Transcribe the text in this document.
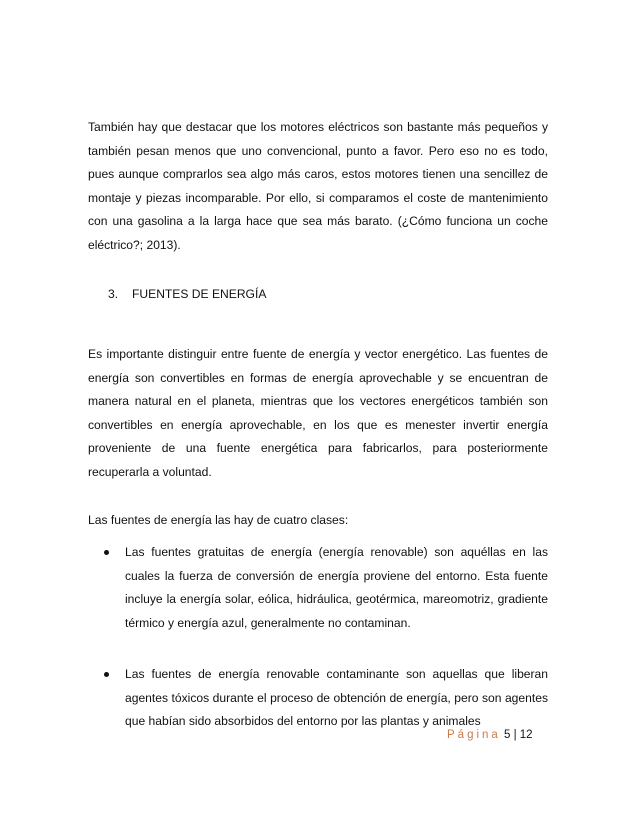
También hay que destacar que los motores eléctricos son bastante más pequeños y también pesan menos que uno convencional, punto a favor. Pero eso no es todo, pues aunque comprarlos sea algo más caros, estos motores tienen una sencillez de montaje y piezas incomparable. Por ello, si comparamos el coste de mantenimiento con una gasolina a la larga hace que sea más barato. (¿Cómo funciona un coche eléctrico?; 2013).

3. FUENTES DE ENERGÍA

Es importante distinguir entre fuente de energía y vector energético. Las fuentes de energía son convertibles en formas de energía aprovechable y se encuentran de manera natural en el planeta, mientras que los vectores energéticos también son convertibles en energía aprovechable, en los que es menester invertir energía proveniente de una fuente energética para fabricarlos, para posteriormente recuperarla a voluntad.

Las fuentes de energía las hay de cuatro clases:

Las fuentes gratuitas de energía (energía renovable) son aquéllas en las cuales la fuerza de conversión de energía proviene del entorno. Esta fuente incluye la energía solar, eólica, hidráulica, geotérmica, mareomotriz, gradiente térmico y energía azul, generalmente no contaminan.

Las fuentes de energía renovable contaminante son aquellas que liberan agentes tóxicos durante el proceso de obtención de energía, pero son agentes que habían sido absorbidos del entorno por las plantas y animales

Página 5 | 12
